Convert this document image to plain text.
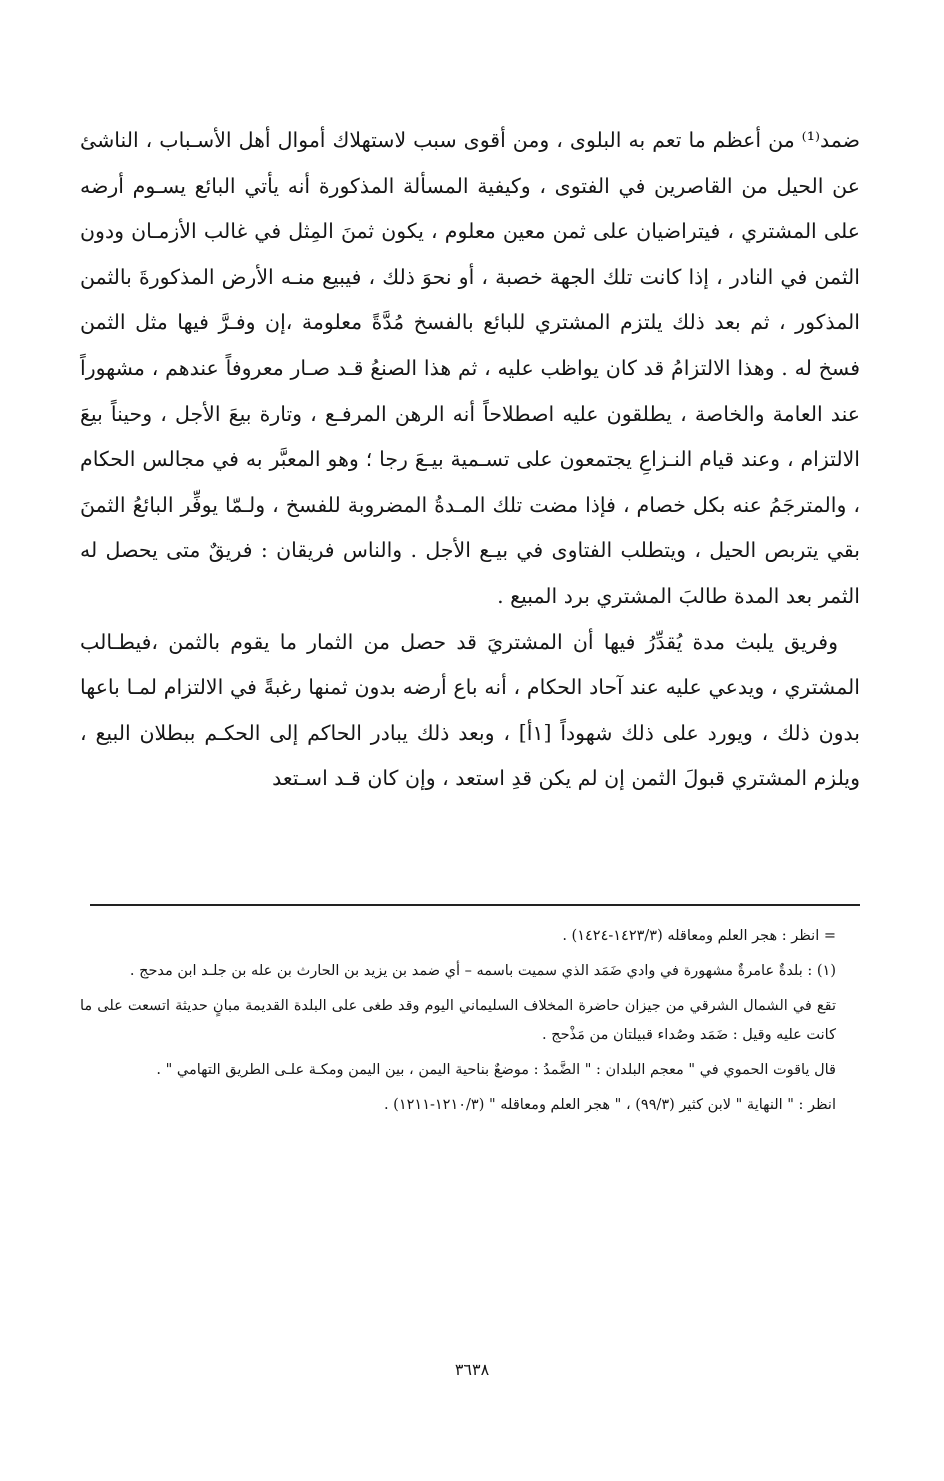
ضمد⁽¹⁾ من أعظم ما تعم به البلوى ، ومن أقوى سبب لاستهلاك أموال أهل الأسـباب ، الناشئ عن الحيل من القاصرين في الفتوى ، وكيفية المسألة المذكورة أنه يأتي البائع يسـوم أرضه على المشتري ، فيتراضيان على ثمن معين معلوم ، يكون ثمنَ المِثل في غالب الأزمـان ودون الثمن في النادر ، إذا كانت تلك الجهة خصبة ، أو نحوَ ذلك ، فيبيع منـه الأرض المذكورةَ بالثمن المذكور ، ثم بعد ذلك يلتزم المشتري للبائع بالفسخ مُدَّةً معلومة ،إن وفـرَّ فيها مثل الثمن فسخ له . وهذا الالتزامُ قد كان يواظب عليه ، ثم هذا الصنعُ قـد صـار معروفاً عندهم ، مشهوراً عند العامة والخاصة ، يطلقون عليه اصطلاحاً أنه الرهن المرفـع ، وتارة بيعَ الأجل ، وحيناً بيعَ الالتزام ، وعند قيام النـزاعِ يجتمعون على تسـمية بيـعَ رجا ؛ وهو المعبَّر به في مجالس الحكام ، والمترجَمُ عنه بكل خصام ، فإذا مضت تلك المـدةُ المضروبة للفسخ ، ولـمّا يوفِّر البائعُ الثمنَ بقي يتربص الحيل ، ويتطلب الفتاوى في بيـع الأجل . والناس فريقان : فريقٌ متى يحصل له الثمر بعد المدة طالبَ المشتري برد المبيع .

وفريق يلبث مدة يُقدِّرُ فيها أن المشتريَ قد حصل من الثمار ما يقوم بالثمن ،فيطـالب المشتري ، ويدعي عليه عند آحاد الحكام ، أنه باع أرضه بدون ثمنها رغبةً في الالتزام لمـا باعها بدون ذلك ، ويورد على ذلك شهوداً [١أ] ، وبعد ذلك يبادر الحاكم إلى الحكـم ببطلان البيع ، ويلزم المشتري قبولَ الثمن إن لم يكن قدِ استعد ، وإن كان قـد اسـتعد

= انظر : هجر العلم ومعاقله (١٤٢٣/٣-١٤٢٤) .

(١) : بلدةٌ عامرةٌ مشهورة في وادي ضَمَد الذي سميت باسمه – أي ضمد بن يزيد بن الحارث بن عله بن جلـد ابن مدحج .

تقع في الشمال الشرقي من جيزان حاضرة المخلاف السليماني اليوم وقد طغى على البلدة القديمة مبانٍ حديثة اتسعت على ما كانت عليه وقيل : ضَمَد وصُداء قبيلتان من مَذْحج .

قال ياقوت الحموي في " معجم البلدان : " الضَّمدُ : موضعٌ بناحية اليمن ، بين اليمن ومكـة علـى الطريق التهامي " .

انظر : " النهاية " لابن كثير (٩٩/٣) ، " هجر العلم ومعاقله " (١٢١٠/٣-١٢١١) .

٣٦٣٨
